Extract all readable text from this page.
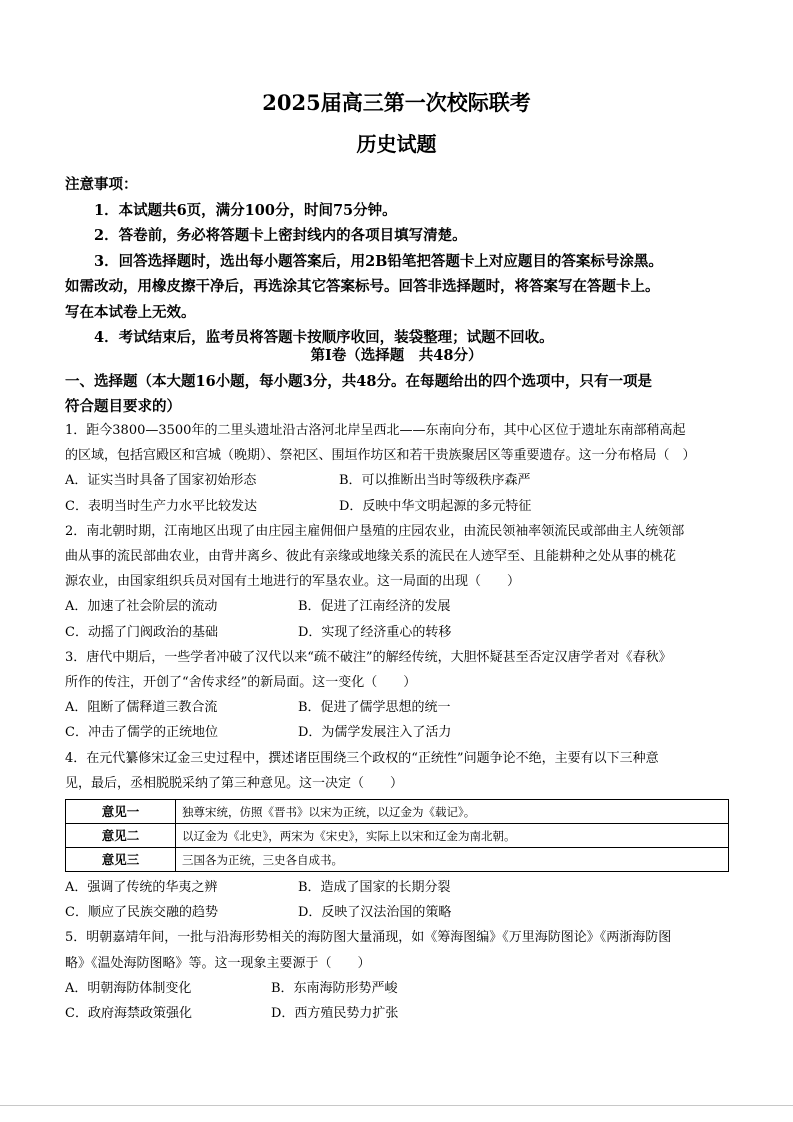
2025届高三第一次校际联考
历史试题

注意事项：

1．本试题共6页，满分100分，时间75分钟。

2．答卷前，务必将答题卡上密封线内的各项目填写清楚。

3．回答选择题时，选出每小题答案后，用2B铅笔把答题卡上对应题目的答案标号涂黑。

如需改动，用橡皮擦干净后，再选涂其它答案标号。回答非选择题时，将答案写在答题卡上。

写在本试卷上无效。

4．考试结束后，监考员将答题卡按顺序收回，装袋整理；试题不回收。

第Ⅰ卷（选择题　共48分）
一、选择题（本大题16小题，每小题3分，共48分。在每题给出的四个选项中，只有一项是
符合题目要求的）

1．距今3800—3500年的二里头遗址沿古洛河北岸呈西北——东南向分布，其中心区位于遗址东南部稍高起

的区域，包括宫殿区和宫城（晚期）、祭祀区、围垣作坊区和若干贵族聚居区等重要遗存。这一分布格局（　）

A．证实当时具备了国家初始形态	B．可以推断出当时等级秩序森严
C．表明当时生产力水平比较发达	D．反映中华文明起源的多元特征

2．南北朝时期，江南地区出现了由庄园主雇佣佃户垦殖的庄园农业，由流民领袖率领流民或部曲主人统领部

曲从事的流民部曲农业，由背井离乡、彼此有亲缘或地缘关系的流民在人迹罕至、且能耕种之处从事的桃花

源农业，由国家组织兵员对国有土地进行的军垦农业。这一局面的出现（　　）

A．加速了社会阶层的流动	B．促进了江南经济的发展
C．动摇了门阀政治的基础	D．实现了经济重心的转移

3．唐代中期后，一些学者冲破了汉代以来“疏不破注”的解经传统，大胆怀疑甚至否定汉唐学者对《春秋》

所作的传注，开创了“舍传求经”的新局面。这一变化（　　）

A．阻断了儒释道三教合流	B．促进了儒学思想的统一
C．冲击了儒学的正统地位	D．为儒学发展注入了活力

4．在元代纂修宋辽金三史过程中，撰述诸臣围绕三个政权的“正统性”问题争论不绝，主要有以下三种意

见，最后，丞相脱脱采纳了第三种意见。这一决定（　　）

意见一	独尊宋统，仿照《晋书》以宋为正统，以辽金为《载记》。
意见二	以辽金为《北史》，两宋为《宋史》，实际上以宋和辽金为南北朝。
意见三	三国各为正统，三史各自成书。
A．强调了传统的华夷之辨	B．造成了国家的长期分裂
C．顺应了民族交融的趋势	D．反映了汉法治国的策略

5．明朝嘉靖年间，一批与沿海形势相关的海防图大量涌现，如《筹海图编》《万里海防图论》《两浙海防图

略》《温处海防图略》等。这一现象主要源于（　　）

A．明朝海防体制变化	B．东南海防形势严峻
C．政府海禁政策强化	D．西方殖民势力扩张
